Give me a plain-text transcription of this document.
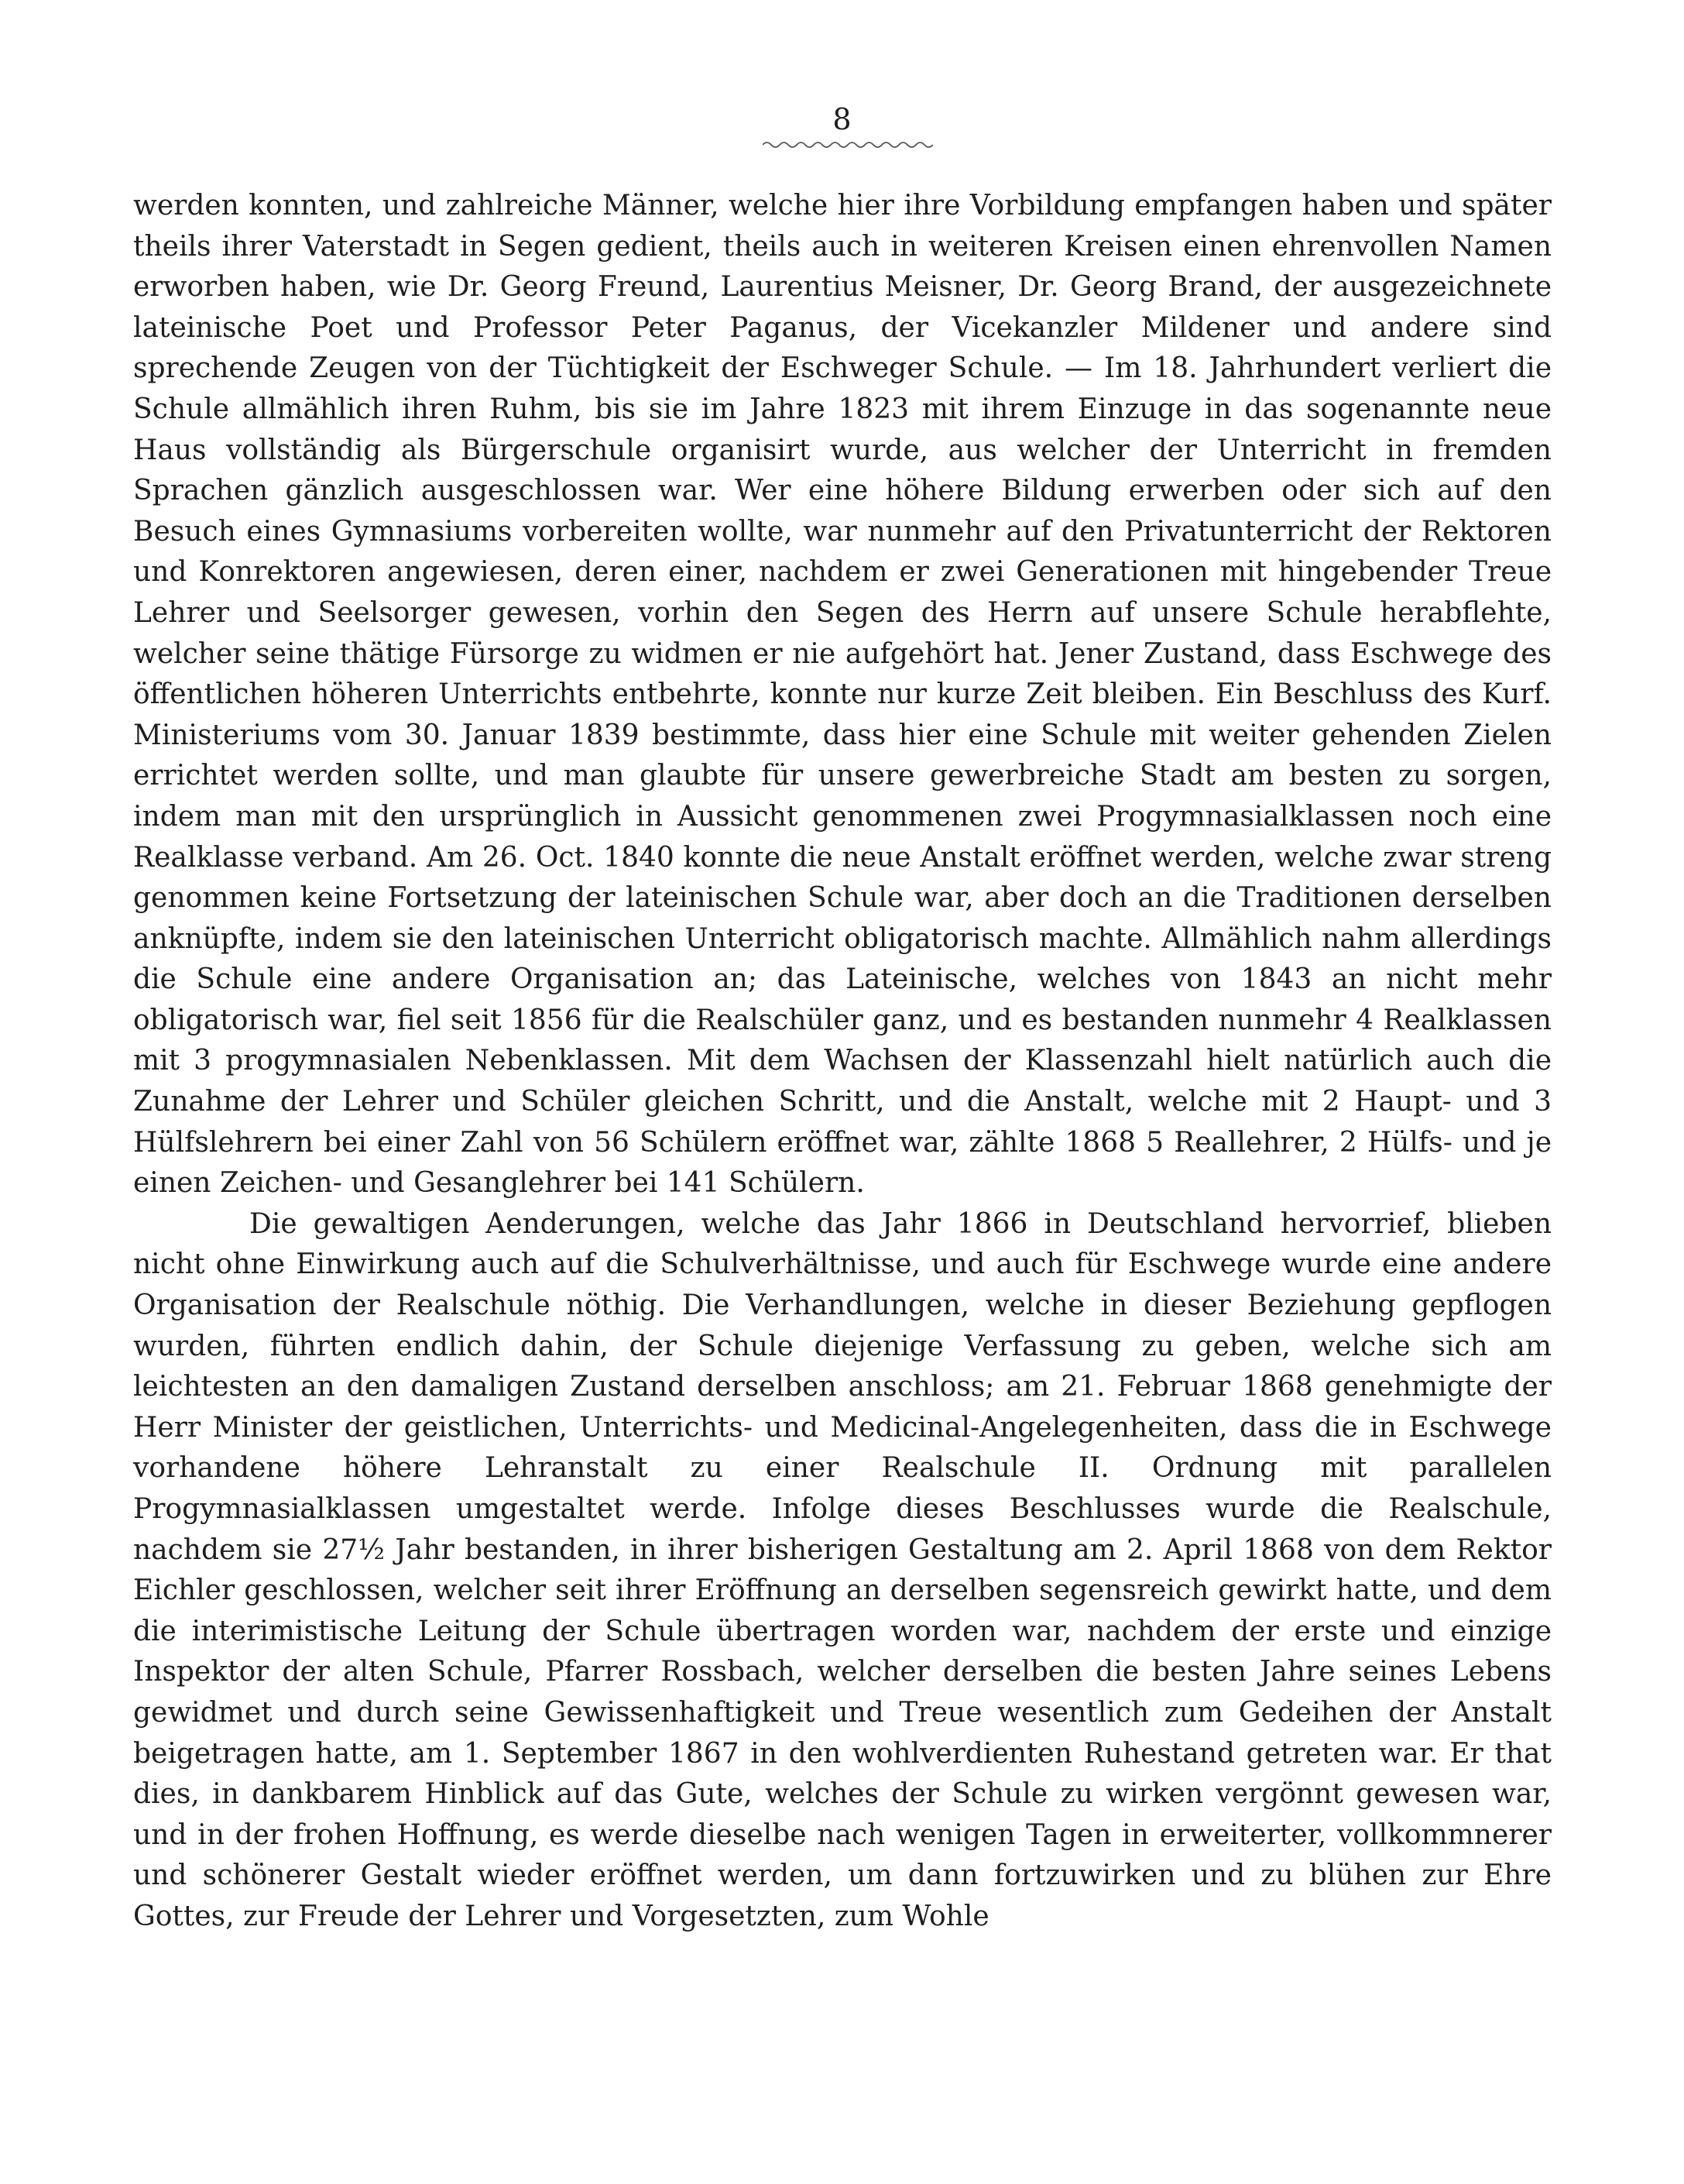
8

werden konnten, und zahlreiche Männer, welche hier ihre Vorbildung empfangen haben und später theils ihrer Vaterstadt in Segen gedient, theils auch in weiteren Kreisen einen ehrenvollen Namen erworben haben, wie Dr. Georg Freund, Laurentius Meisner, Dr. Georg Brand, der ausgezeichnete lateinische Poet und Professor Peter Paganus, der Vicekanzler Mildener und andere sind sprechende Zeugen von der Tüchtigkeit der Eschweger Schule. — Im 18. Jahrhundert verliert die Schule allmählich ihren Ruhm, bis sie im Jahre 1823 mit ihrem Einzuge in das sogenannte neue Haus vollständig als Bürgerschule organisirt wurde, aus welcher der Unterricht in fremden Sprachen gänzlich ausgeschlossen war. Wer eine höhere Bildung erwerben oder sich auf den Besuch eines Gymnasiums vorbereiten wollte, war nunmehr auf den Privatunterricht der Rektoren und Konrektoren angewiesen, deren einer, nachdem er zwei Generationen mit hingebender Treue Lehrer und Seelsorger gewesen, vorhin den Segen des Herrn auf unsere Schule herabflehte, welcher seine thätige Fürsorge zu widmen er nie aufgehört hat. Jener Zustand, dass Eschwege des öffentlichen höheren Unterrichts entbehrte, konnte nur kurze Zeit bleiben. Ein Beschluss des Kurf. Ministeriums vom 30. Januar 1839 bestimmte, dass hier eine Schule mit weiter gehenden Zielen errichtet werden sollte, und man glaubte für unsere gewerbreiche Stadt am besten zu sorgen, indem man mit den ursprünglich in Aussicht genommenen zwei Progymnasialklassen noch eine Realklasse verband. Am 26. Oct. 1840 konnte die neue Anstalt eröffnet werden, welche zwar streng genommen keine Fortsetzung der lateinischen Schule war, aber doch an die Traditionen derselben anknüpfte, indem sie den lateinischen Unterricht obligatorisch machte. Allmählich nahm allerdings die Schule eine andere Organisation an; das Lateinische, welches von 1843 an nicht mehr obligatorisch war, fiel seit 1856 für die Realschüler ganz, und es bestanden nunmehr 4 Realklassen mit 3 progymnasialen Nebenklassen. Mit dem Wachsen der Klassenzahl hielt natürlich auch die Zunahme der Lehrer und Schüler gleichen Schritt, und die Anstalt, welche mit 2 Haupt- und 3 Hülfslehrern bei einer Zahl von 56 Schülern eröffnet war, zählte 1868 5 Reallehrer, 2 Hülfs- und je einen Zeichen- und Gesanglehrer bei 141 Schülern.

Die gewaltigen Aenderungen, welche das Jahr 1866 in Deutschland hervorrief, blieben nicht ohne Einwirkung auch auf die Schulverhältnisse, und auch für Eschwege wurde eine andere Organisation der Realschule nöthig. Die Verhandlungen, welche in dieser Beziehung gepflogen wurden, führten endlich dahin, der Schule diejenige Verfassung zu geben, welche sich am leichtesten an den damaligen Zustand derselben anschloss; am 21. Februar 1868 genehmigte der Herr Minister der geistlichen, Unterrichts- und Medicinal-Angelegenheiten, dass die in Eschwege vorhandene höhere Lehranstalt zu einer Realschule II. Ordnung mit parallelen Progymnasialklassen umgestaltet werde. Infolge dieses Beschlusses wurde die Realschule, nachdem sie 27½ Jahr bestanden, in ihrer bisherigen Gestaltung am 2. April 1868 von dem Rektor Eichler geschlossen, welcher seit ihrer Eröffnung an derselben segensreich gewirkt hatte, und dem die interimistische Leitung der Schule übertragen worden war, nachdem der erste und einzige Inspektor der alten Schule, Pfarrer Rossbach, welcher derselben die besten Jahre seines Lebens gewidmet und durch seine Gewissenhaftigkeit und Treue wesentlich zum Gedeihen der Anstalt beigetragen hatte, am 1. September 1867 in den wohlverdienten Ruhestand getreten war. Er that dies, in dankbarem Hinblick auf das Gute, welches der Schule zu wirken vergönnt gewesen war, und in der frohen Hoffnung, es werde dieselbe nach wenigen Tagen in erweiterter, vollkommnerer und schönerer Gestalt wieder eröffnet werden, um dann fortzuwirken und zu blühen zur Ehre Gottes, zur Freude der Lehrer und Vorgesetzten, zum Wohle
